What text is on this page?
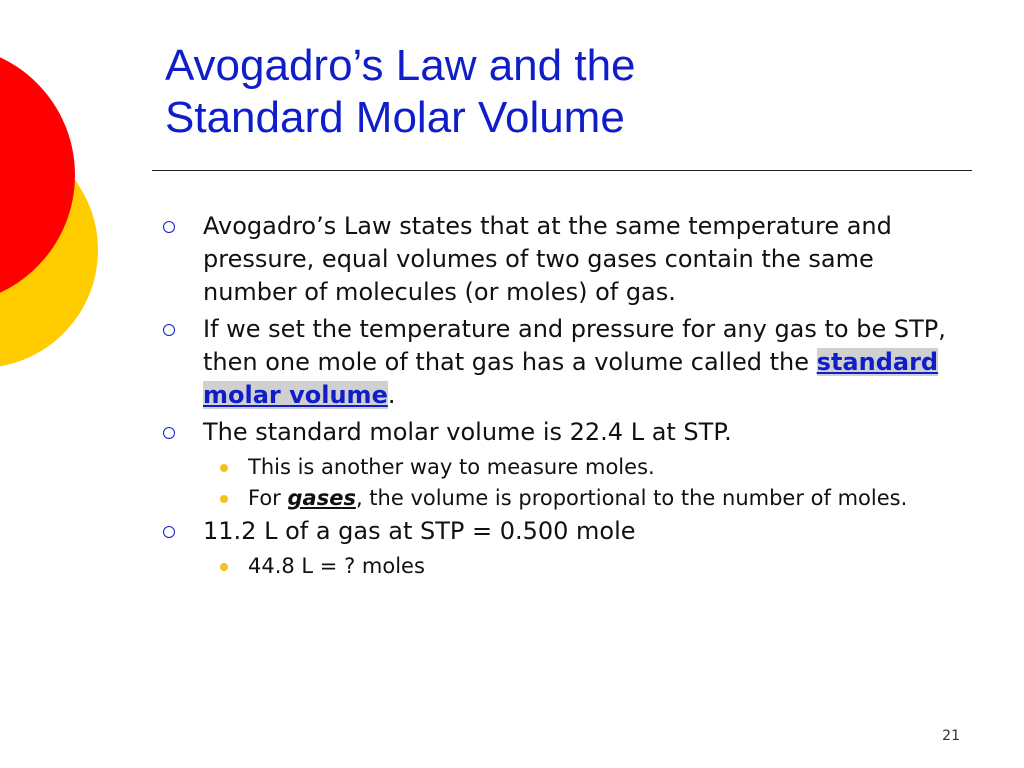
Avogadro’s Law and the
Standard Molar Volume
Avogadro’s Law states that at the same temperature and pressure, equal volumes of two gases contain the same number of molecules (or moles) of gas.
If we set the temperature and pressure for any gas to be STP, then one mole of that gas has a volume called the standard molar volume.
The standard molar volume is 22.4 L at STP.
This is another way to measure moles.
For gases, the volume is proportional to the number of moles.
11.2 L of a gas at STP = 0.500 mole
44.8 L = ? moles
21
